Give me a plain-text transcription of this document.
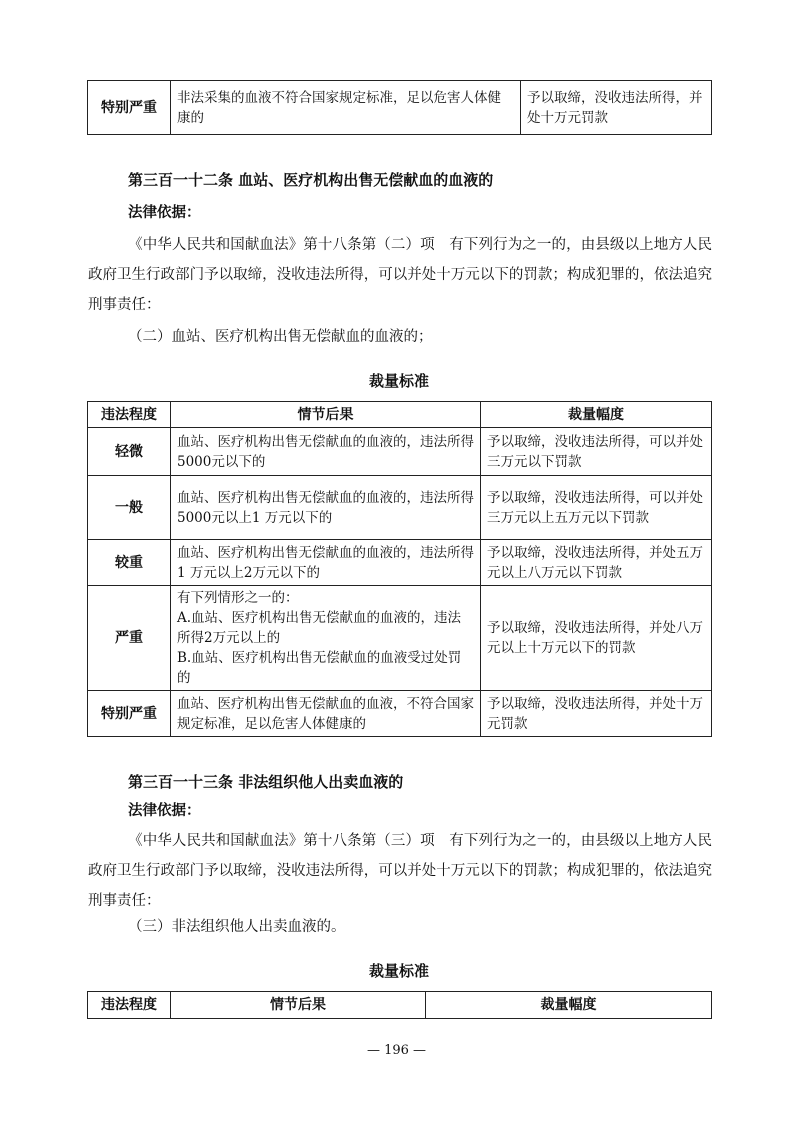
特别严重	非法采集的血液不符合国家规定标准，足以危害人体健康的	予以取缔，没收违法所得，并处十万元罚款
第三百一十二条 血站、医疗机构出售无偿献血的血液的
法律依据：

《中华人民共和国献血法》第十八条第（二）项　有下列行为之一的，由县级以上地方人民政府卫生行政部门予以取缔，没收违法所得，可以并处十万元以下的罚款；构成犯罪的，依法追究刑事责任：

（二）血站、医疗机构出售无偿献血的血液的；
裁量标准
违法程度	情节后果	裁量幅度
轻微	血站、医疗机构出售无偿献血的血液的，违法所得5000元以下的	予以取缔，没收违法所得，可以并处三万元以下罚款
一般	血站、医疗机构出售无偿献血的血液的，违法所得5000元以上1 万元以下的	予以取缔，没收违法所得，可以并处三万元以上五万元以下罚款
较重	血站、医疗机构出售无偿献血的血液的，违法所得1 万元以上2万元以下的	予以取缔，没收违法所得，并处五万元以上八万元以下罚款
严重	有下列情形之一的：
A.血站、医疗机构出售无偿献血的血液的，违法所得2万元以上的
B.血站、医疗机构出售无偿献血的血液受过处罚的	予以取缔，没收违法所得，并处八万元以上十万元以下的罚款
特别严重	血站、医疗机构出售无偿献血的血液，不符合国家规定标准，足以危害人体健康的	予以取缔，没收违法所得，并处十万元罚款
第三百一十三条 非法组织他人出卖血液的
法律依据：

《中华人民共和国献血法》第十八条第（三）项　有下列行为之一的，由县级以上地方人民政府卫生行政部门予以取缔，没收违法所得，可以并处十万元以下的罚款；构成犯罪的，依法追究刑事责任：

（三）非法组织他人出卖血液的。
裁量标准
违法程度	情节后果	裁量幅度
— 196 —
